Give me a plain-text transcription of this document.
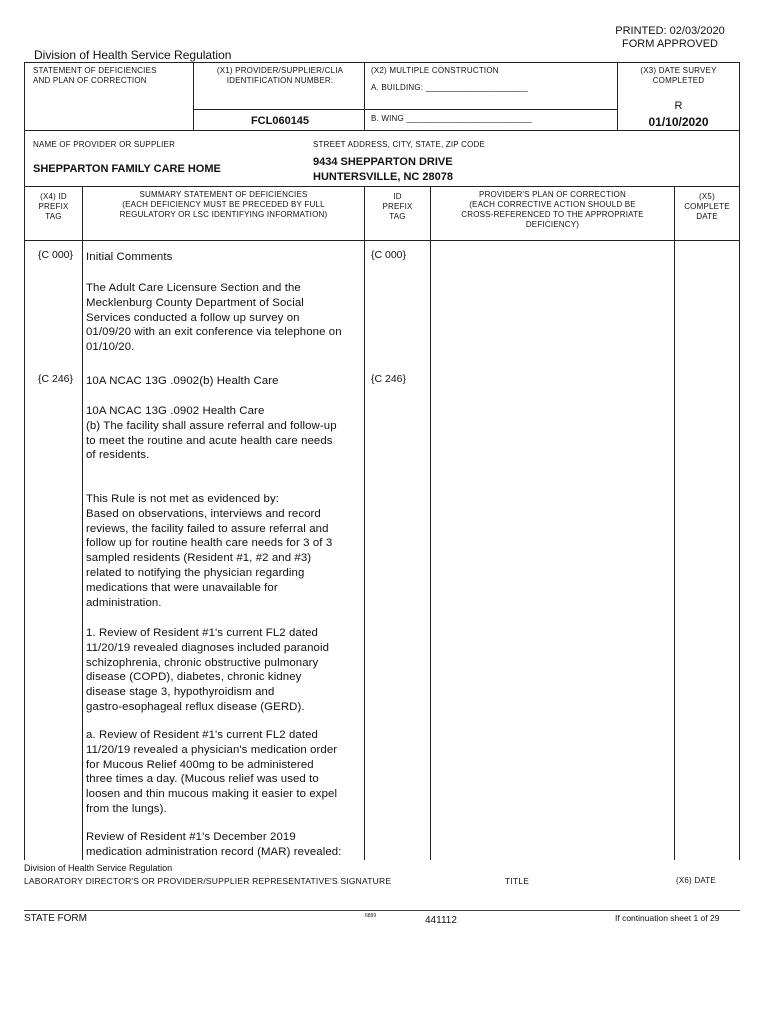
PRINTED: 02/03/2020
FORM APPROVED
Division of Health Service Regulation
STATEMENT OF DEFICIENCIES
AND PLAN OF CORRECTION
(X1) PROVIDER/SUPPLIER/CLIA
IDENTIFICATION NUMBER:
FCL060145
(X2) MULTIPLE CONSTRUCTION
A. BUILDING: ______________________
B. WING ___________________________
(X3) DATE SURVEY
COMPLETED
R
01/10/2020
NAME OF PROVIDER OR SUPPLIER
SHEPPARTON FAMILY CARE HOME
STREET ADDRESS, CITY, STATE, ZIP CODE
9434 SHEPPARTON DRIVE
HUNTERSVILLE, NC 28078
(X4) ID
PREFIX
TAG
SUMMARY STATEMENT OF DEFICIENCIES
(EACH DEFICIENCY MUST BE PRECEDED BY FULL
REGULATORY OR LSC IDENTIFYING INFORMATION)
ID
PREFIX
TAG
PROVIDER'S PLAN OF CORRECTION
(EACH CORRECTIVE ACTION SHOULD BE
CROSS-REFERENCED TO THE APPROPRIATE
DEFICIENCY)
(X5)
COMPLETE
DATE
{C 000}	{C 000}
Initial Comments
The Adult Care Licensure Section and the
Mecklenburg County Department of Social
Services conducted a follow up survey on
01/09/20 with an exit conference via telephone on
01/10/20.
{C 246}	{C 246}
10A NCAC 13G .0902(b) Health Care
10A NCAC 13G .0902 Health Care
(b) The facility shall assure referral and follow-up
to meet the routine and acute health care needs
of residents.
This Rule is not met as evidenced by:
Based on observations, interviews and record
reviews, the facility failed to assure referral and
follow up for routine health care needs for 3 of 3
sampled residents (Resident #1, #2 and #3)
related to notifying the physician regarding
medications that were unavailable for
administration.
1. Review of Resident #1's current FL2 dated
11/20/19 revealed diagnoses included paranoid
schizophrenia, chronic obstructive pulmonary
disease (COPD), diabetes, chronic kidney
disease stage 3, hypothyroidism and
gastro-esophageal reflux disease (GERD).
a. Review of Resident #1's current FL2 dated
11/20/19 revealed a physician's medication order
for Mucous Relief 400mg to be administered
three times a day. (Mucous relief was used to
loosen and thin mucous making it easier to expel
from the lungs).
Review of Resident #1's December 2019
medication administration record (MAR) revealed:
Division of Health Service Regulation
LABORATORY DIRECTOR'S OR PROVIDER/SUPPLIER REPRESENTATIVE'S SIGNATURE	TITLE	(X6) DATE
STATE FORM	6899	441112	If continuation sheet 1 of 29
